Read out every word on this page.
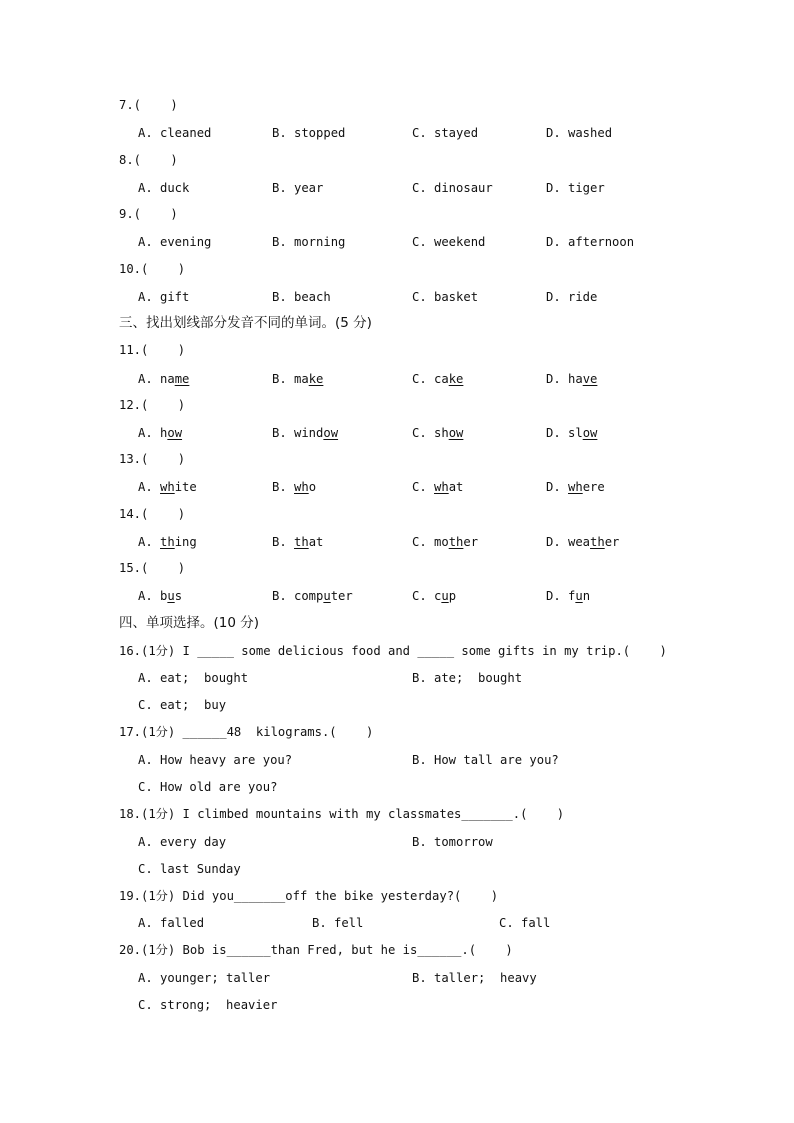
7.(    )
A. cleaned	B. stopped	C. stayed	D. washed
8.(    )
A. duck	B. year	C. dinosaur	D. tiger
9.(    )
A. evening	B. morning	C. weekend	D. afternoon
10.(    )
A. gift	B. beach	C. basket	D. ride
三、找出划线部分发音不同的单词。(5 分)
11.(    )
A. name	B. make	C. cake	D. have
12.(    )
A. how	B. window	C. show	D. slow
13.(    )
A. white	B. who	C. what	D. where
14.(    )
A. thing	B. that	C. mother	D. weather
15.(    )
A. bus	B. computer	C. cup	D. fun
四、单项选择。(10 分)
16.(1分) I _____ some delicious food and _____ some gifts in my trip.(    )
A. eat;  bought	B. ate;  bought
C. eat;  buy
17.(1分) ______48  kilograms.(    )
A. How heavy are you?	B. How tall are you?
C. How old are you?
18.(1分) I climbed mountains with my classmates_______.(    )
A. every day	B. tomorrow
C. last Sunday
19.(1分) Did you_______off the bike yesterday?(    )
A. falled	B. fell	C. fall
20.(1分) Bob is______than Fred, but he is______.(    )
A. younger; taller	B. taller;  heavy
C. strong;  heavier
